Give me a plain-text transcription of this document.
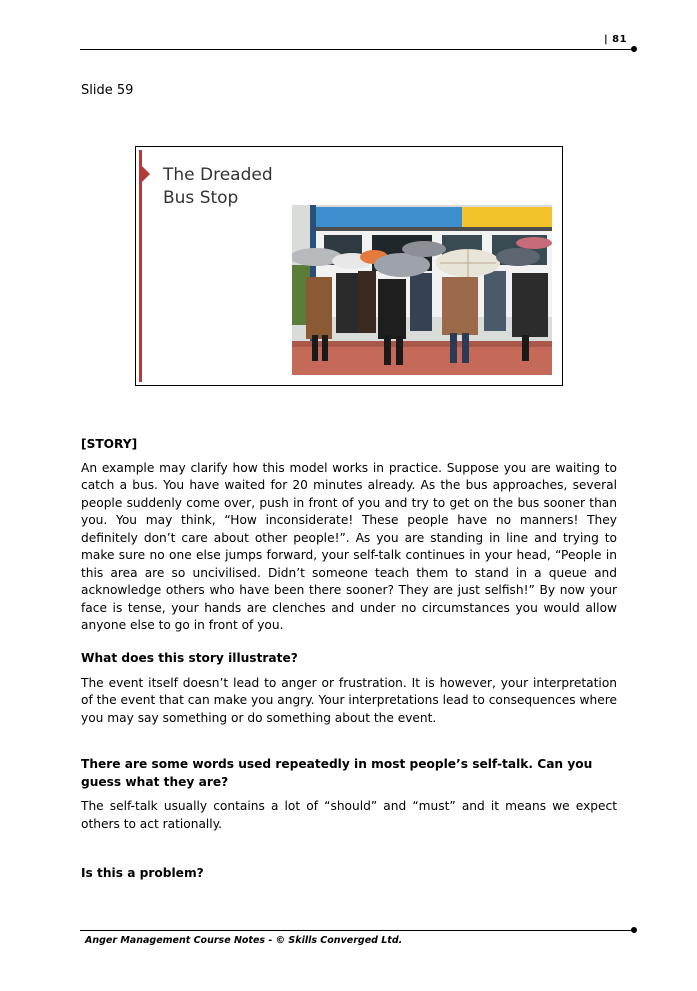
| 81
Slide 59
The Dreaded
Bus Stop

[STORY]

An example may clarify how this model works in practice. Suppose you are waiting to catch a bus. You have waited for 20 minutes already. As the bus approaches, several people suddenly come over, push in front of you and try to get on the bus sooner than you. You may think, “How inconsiderate! These people have no manners! They definitely don’t care about other people!”. As you are standing in line and trying to make sure no one else jumps forward, your self-talk continues in your head, “People in this area are so uncivilised. Didn’t someone teach them to stand in a queue and acknowledge others who have been there sooner? They are just selfish!” By now your face is tense, your hands are clenches and under no circumstances you would allow anyone else to go in front of you.

What does this story illustrate?

The event itself doesn’t lead to anger or frustration. It is however, your interpretation of the event that can make you angry. Your interpretations lead to consequences where you may say something or do something about the event.

There are some words used repeatedly in most people’s self-talk. Can you guess what they are?

The self-talk usually contains a lot of “should” and “must” and it means we expect others to act rationally.

Is this a problem?

Anger Management Course Notes - © Skills Converged Ltd.
